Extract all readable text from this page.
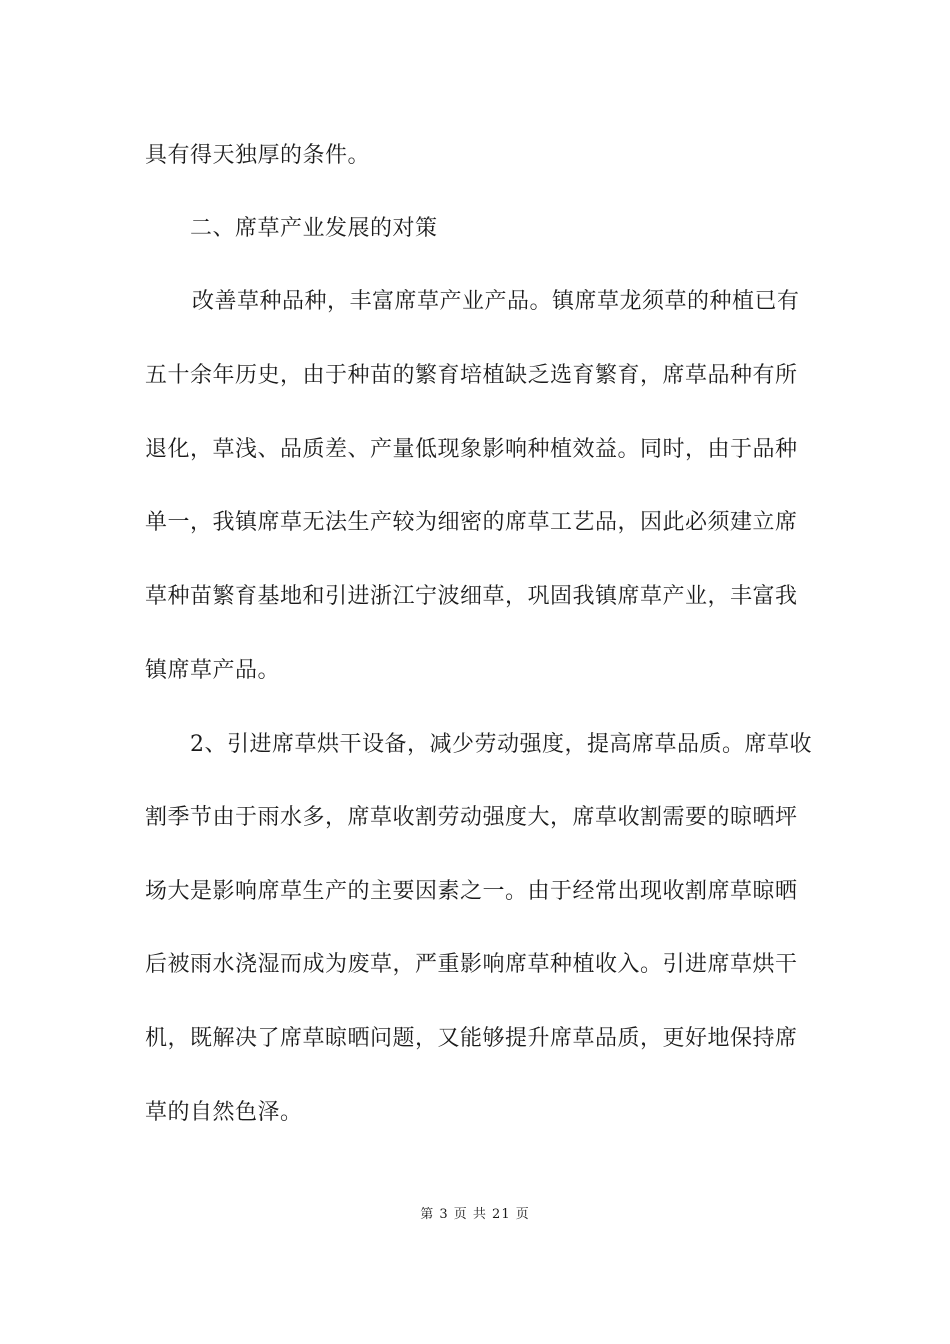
具有得天独厚的条件。
二、席草产业发展的对策
改善草种品种，丰富席草产业产品。镇席草龙须草的种植已有
五十余年历史，由于种苗的繁育培植缺乏选育繁育，席草品种有所
退化，草浅、品质差、产量低现象影响种植效益。同时，由于品种
单一，我镇席草无法生产较为细密的席草工艺品，因此必须建立席
草种苗繁育基地和引进浙江宁波细草，巩固我镇席草产业，丰富我
镇席草产品。
2、引进席草烘干设备，减少劳动强度，提高席草品质。席草收
割季节由于雨水多，席草收割劳动强度大，席草收割需要的晾晒坪
场大是影响席草生产的主要因素之一。由于经常出现收割席草晾晒
后被雨水浇湿而成为废草，严重影响席草种植收入。引进席草烘干
机，既解决了席草晾晒问题，又能够提升席草品质，更好地保持席
草的自然色泽。
第 3 页 共 21 页
